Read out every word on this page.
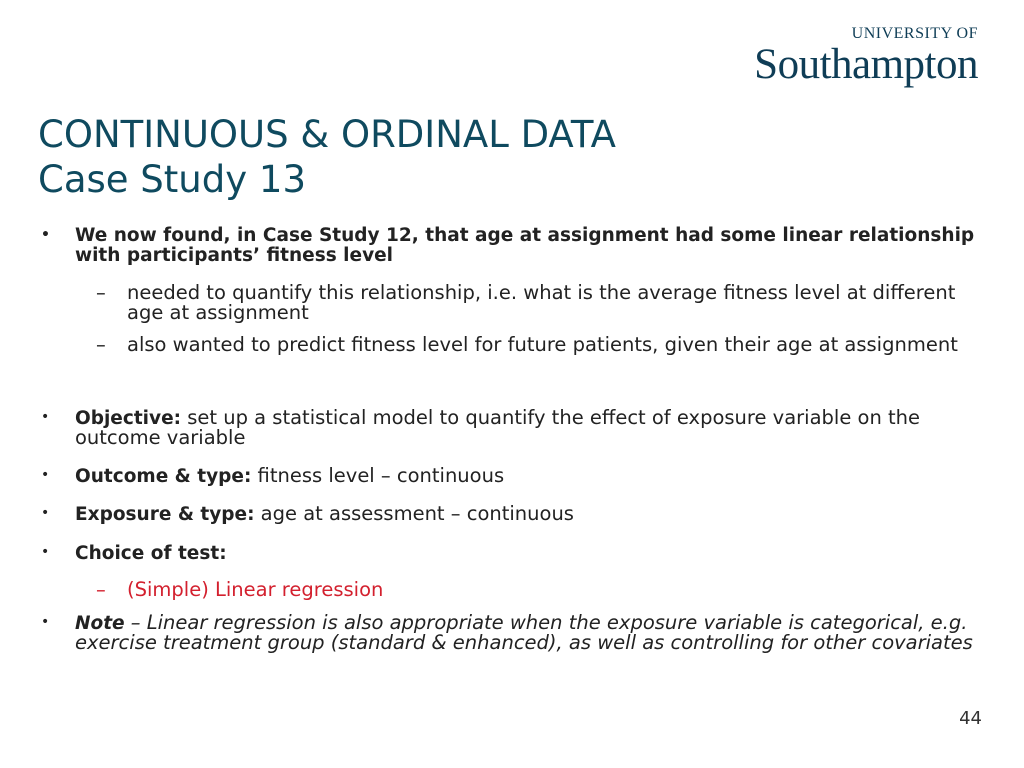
UNIVERSITY OF
Southampton
CONTINUOUS & ORDINAL DATA
Case Study 13
• We now found, in Case Study 12, that age at assignment had some linear relationship with participants’ fitness level
– needed to quantify this relationship, i.e. what is the average fitness level at different age at assignment
– also wanted to predict fitness level for future patients, given their age at assignment
• Objective: set up a statistical model to quantify the effect of exposure variable on the outcome variable
• Outcome & type: fitness level – continuous
• Exposure & type: age at assessment – continuous
• Choice of test:
– (Simple) Linear regression
• Note – Linear regression is also appropriate when the exposure variable is categorical, e.g. exercise treatment group (standard & enhanced), as well as controlling for other covariates
44
